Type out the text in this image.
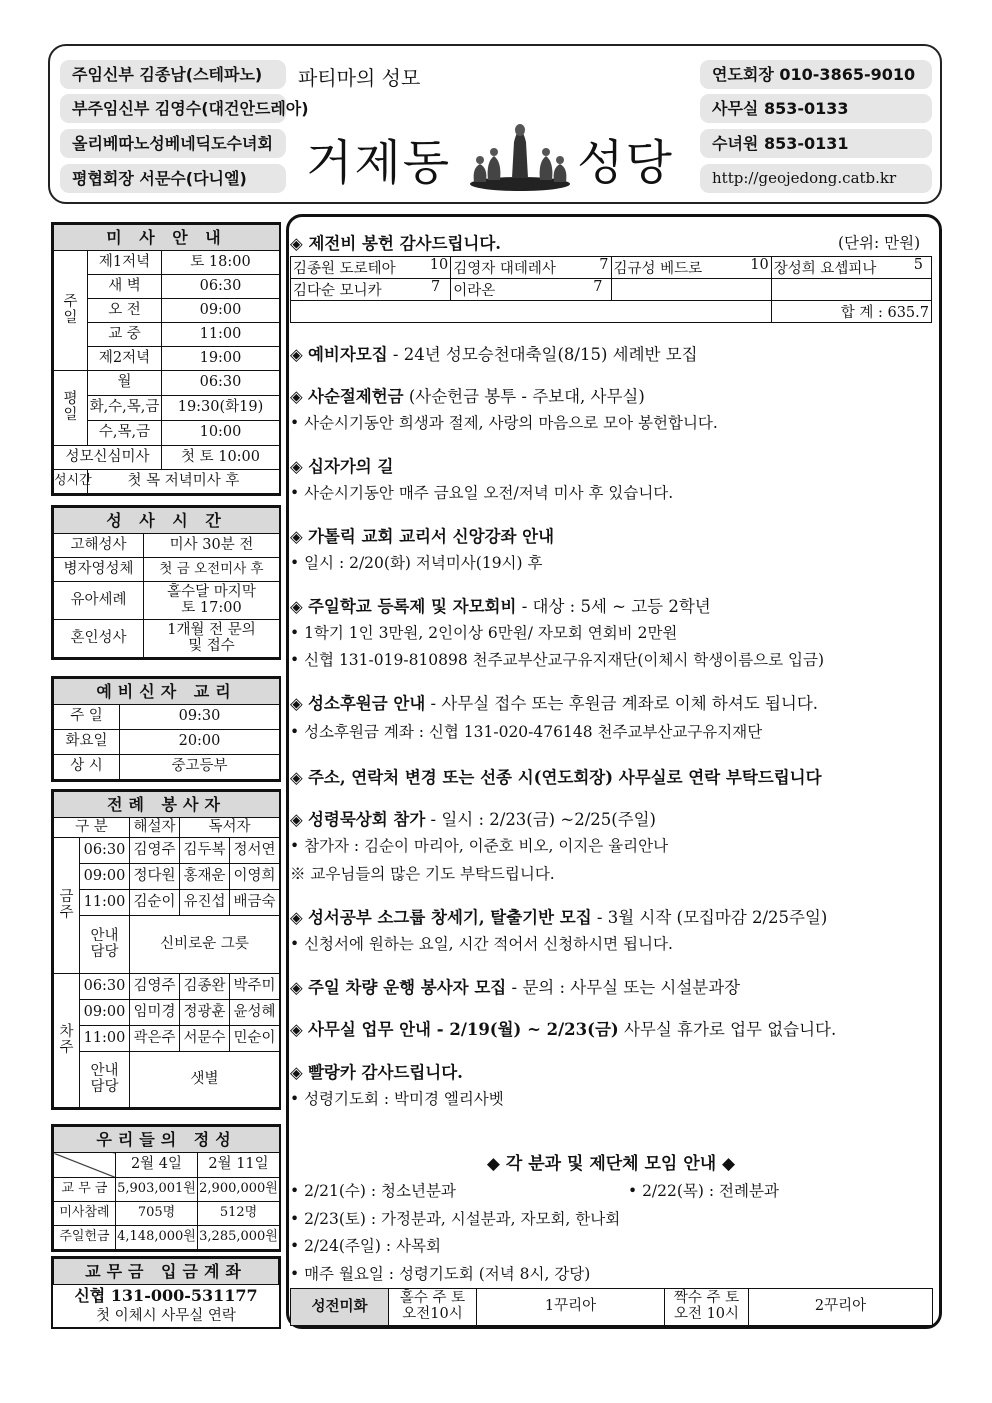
주임신부 김종남(스테파노)
부주임신부 김영수(대건안드레아)
올리베따노성베네딕도수녀회
평협회장 서문수(다니엘)
파티마의 성모
거제동	성당
연도회장 010-3865-9010
사무실 853-0133
수녀원 853-0131
http://geojedong.catb.kr
미 사 안 내		
주 일	제1저녁	토 18:00
	새 벽	06:30
	오 전	09:00
	교 중	11:00
	제2저녁	19:00
평 일	월	06:30
	화,수,목,금	19:30(화19)
	수,목,금	10:00
성모신심미사		첫 토 10:00
성시간	첫 목 저녁미사 후	
성 사 시 간	
고해성사	미사 30분 전
병자영성체	첫 금 오전미사 후
유아세례	홀수달 마지막 토 17:00
혼인성사	1개월 전 문의 및 접수
예비신자 교리	
주 일	09:30
화요일	20:00
상 시	중고등부
전례 봉사자				
구 분		해설자	독서자	
금 주	06:30	김영주	김두복	정서연
	09:00	정다원	홍재운	이영희
	11:00	김순이	유진섭	배금숙
	안내 담당	신비로운 그릇		
차 주	06:30	김영주	김종완	박주미
	09:00	임미경	정광훈	윤성혜
	11:00	곽은주	서문수	민순이
	안내 담당	샛별		
우리들의 정성		
	2월 4일	2월 11일
교 무 금	5,903,001원	2,900,000원
미사참례	705명	512명
주일헌금	4,148,000원	3,285,000원
교무금 입금계좌
신협 131-000-531177
첫 이체시 사무실 연락
◈ 제전비 봉헌 감사드립니다.	(단위: 만원)
김종원 도로테아 10	김영자 대데레사 7	김규성 베드로 10	장성희 요셉피나 5

김다순 모니카 7	이라온 7		

			합 계 : 635.7
◈ 예비자모집 - 24년 성모승천대축일(8/15) 세례반 모집
◈ 사순절제헌금 (사순헌금 봉투 - 주보대, 사무실)
• 사순시기동안 희생과 절제, 사랑의 마음으로 모아 봉헌합니다.
◈ 십자가의 길
• 사순시기동안 매주 금요일 오전/저녁 미사 후 있습니다.
◈ 가톨릭 교회 교리서 신앙강좌 안내
• 일시 : 2/20(화) 저녁미사(19시) 후
◈ 주일학교 등록제 및 자모회비 - 대상 : 5세 ~ 고등 2학년
• 1학기 1인 3만원, 2인이상 6만원/ 자모회 연회비 2만원
• 신협 131-019-810898 천주교부산교구유지재단(이체시 학생이름으로 입금)
◈ 성소후원금 안내 - 사무실 접수 또는 후원금 계좌로 이체 하셔도 됩니다.
• 성소후원금 계좌 : 신협 131-020-476148 천주교부산교구유지재단
◈ 주소, 연락처 변경 또는 선종 시(연도회장) 사무실로 연락 부탁드립니다
◈ 성령묵상회 참가 - 일시 : 2/23(금) ~2/25(주일)
• 참가자 : 김순이 마리아, 이준호 비오, 이지은 율리안나
※ 교우님들의 많은 기도 부탁드립니다.
◈ 성서공부 소그룹 창세기, 탈출기반 모집 - 3월 시작 (모집마감 2/25주일)
• 신청서에 원하는 요일, 시간 적어서 신청하시면 됩니다.
◈ 주일 차량 운행 봉사자 모집 - 문의 : 사무실 또는 시설분과장
◈ 사무실 업무 안내 - 2/19(월) ~ 2/23(금) 사무실 휴가로 업무 없습니다.
◈ 빨랑카 감사드립니다.
• 성령기도회 : 박미경 엘리사벳
◆ 각 분과 및 제단체 모임 안내 ◆
• 2/21(수) : 청소년분과	• 2/22(목) : 전례분과
• 2/23(토) : 가정분과, 시설분과, 자모회, 한나회
• 2/24(주일) : 사목회
• 매주 월요일 : 성령기도회 (저녁 8시, 강당)
성전미화	홀수 주 토 오전10시	1꾸리아	짝수 주 토 오전 10시	2꾸리아
